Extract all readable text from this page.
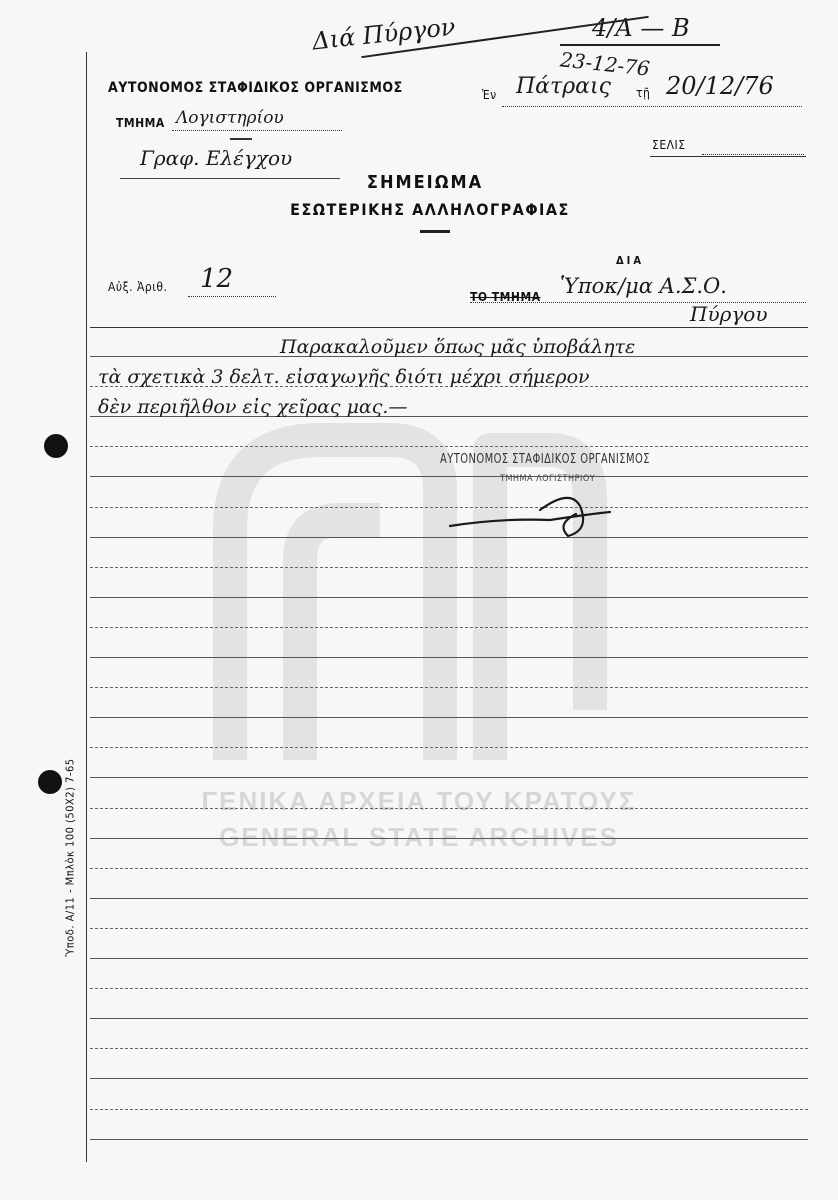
ΓΕΝΙΚΑ ΑΡΧΕΙΑ ΤΟΥ ΚΡΑΤΟΥΣ
GENERAL STATE ARCHIVES
Ὑποδ. Α/11 - Μπλὸκ 100 (50Χ2) 7-65
Διά Πύργον	4/Α — Β
23-12-76
ΑΥΤΟΝΟΜΟΣ ΣΤΑΦΙΔΙΚΟΣ ΟΡΓΑΝΙΣΜΟΣ
ΤΜΗΜΑ Λογιστηρίου
Γραφ. Ελέγχου
Ἐν Πάτραις τῇ 20/12/76
ΣΕΛΙΣ
ΣΗΜΕΙΩΜΑ
ΕΣΩΤΕΡΙΚΗΣ ΑΛΛΗΛΟΓΡΑΦΙΑΣ
ΔΙΑ
Αὐξ. Ἀριθ. 12
ΤΟ ΤΜΗΜΑ Ὑποκ/μα Α.Σ.Ο.
Πύργου
Παρακαλοῦμεν ὅπως μᾶς ὑποβάλητε
τὰ σχετικὰ 3 δελτ. εἰσαγωγῆς διότι μέχρι σήμερον
δὲν περιῆλθον εἰς χεῖρας μας.—
ΑΥΤΟΝΟΜΟΣ ΣΤΑΦΙΔΙΚΟΣ ΟΡΓΑΝΙΣΜΟΣ
ΤΜΗΜΑ ΛΟΓΙΣΤΗΡΙΟΥ
